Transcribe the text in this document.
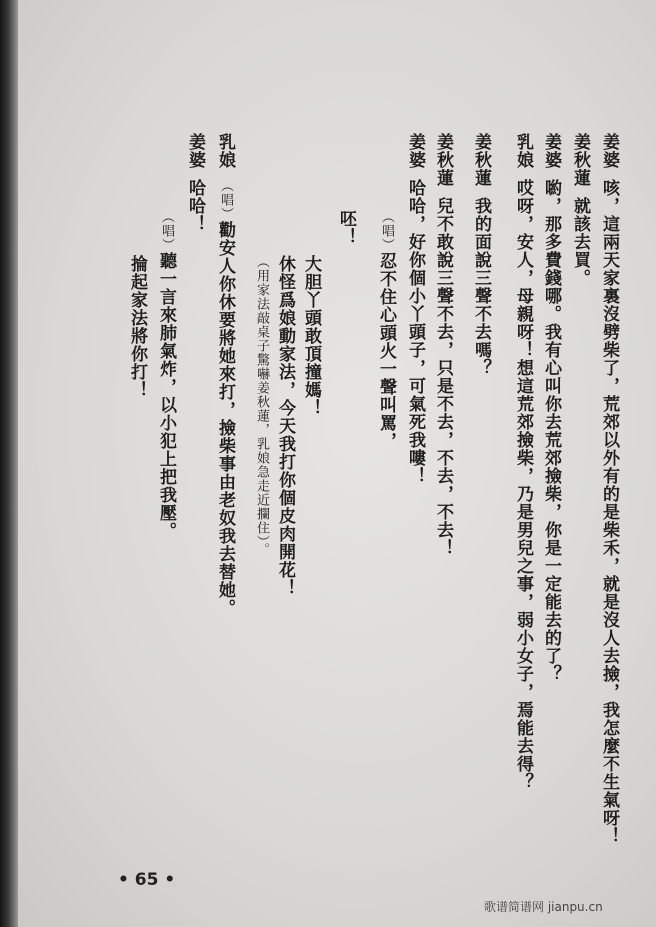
姜婆咳，這兩天家裏沒劈柴了，荒郊以外有的是柴禾，就是沒人去撿，我怎麼不生氣呀！
姜秋蓮就該去買。
姜婆喲，那多費錢哪。我有心叫你去荒郊撿柴，你是一定能去的了？
乳娘哎呀，安人，母親呀！想這荒郊撿柴，乃是男兒之事，弱小女子，焉能去得？
姜秋蓮我的面說三聲不去嗎？
姜秋蓮兒不敢說三聲不去，只是不去，不去，不去！
姜婆哈哈，好你個小丫頭子，可氣死我嘍！
（唱）忍不住心頭火一聲叫罵，
呸！
大胆丫頭敢頂撞媽！
休怪爲娘動家法，今天我打你個皮肉開花！
（用家法敲桌子驚嚇姜秋蓮，乳娘急走近攔住）。
乳娘（唱）勸安人你休要將她來打，撿柴事由老奴我去替她。
姜婆哈哈！
（唱）聽一言來肺氣炸，以小犯上把我壓。
掄起家法將你打！
• 65 •
歌谱简谱网 jianpu.cn
